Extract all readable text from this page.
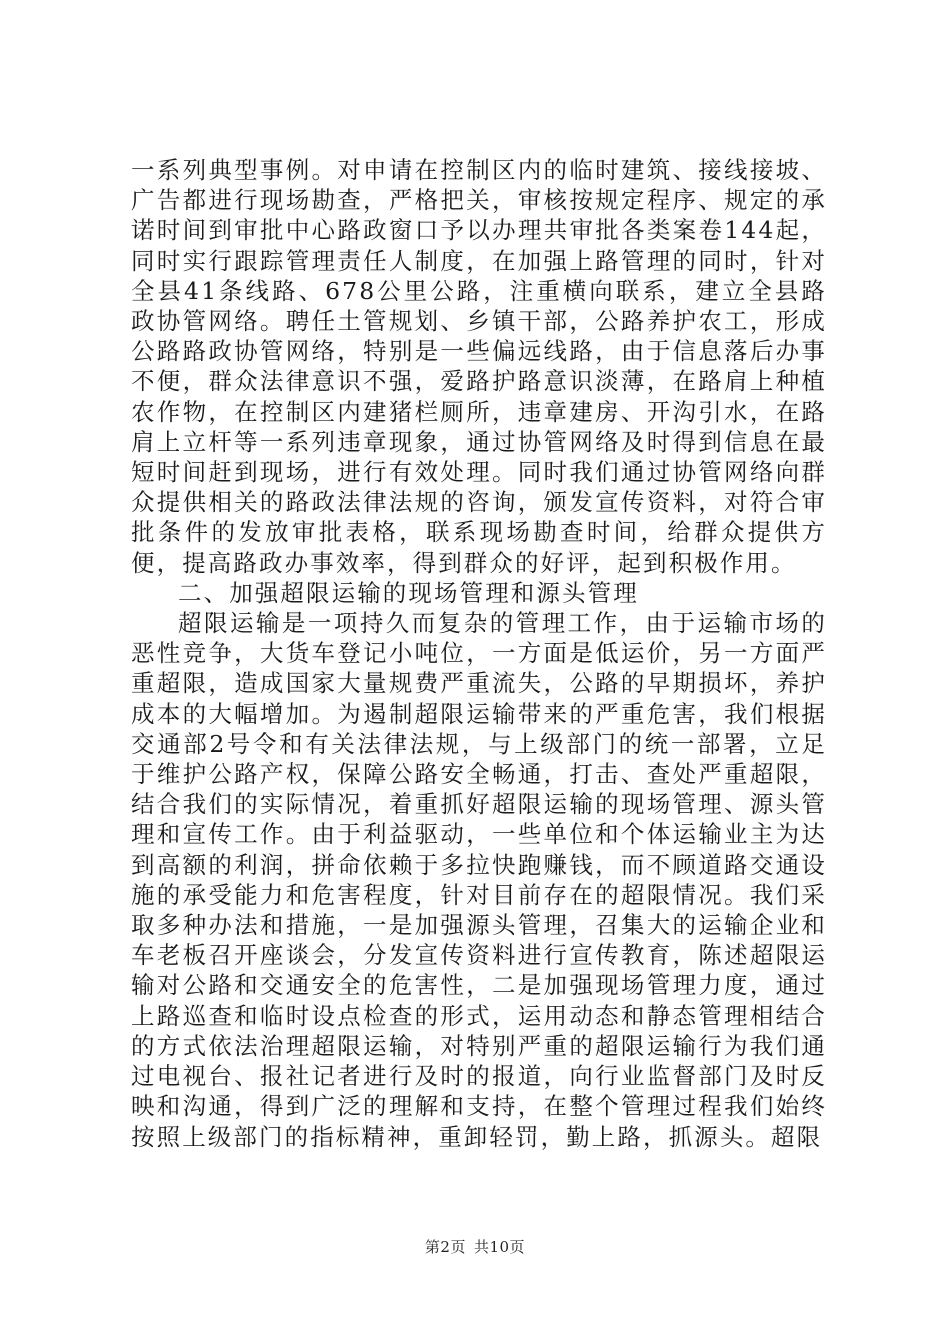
一系列典型事例。对申请在控制区内的临时建筑、接线接坡、广告都进行现场勘查，严格把关，审核按规定程序、规定的承诺时间到审批中心路政窗口予以办理共审批各类案卷144起，同时实行跟踪管理责任人制度，在加强上路管理的同时，针对全县41条线路、678公里公路，注重横向联系，建立全县路政协管网络。聘任土管规划、乡镇干部，公路养护农工，形成公路路政协管网络，特别是一些偏远线路，由于信息落后办事不便，群众法律意识不强，爱路护路意识淡薄，在路肩上种植农作物，在控制区内建猪栏厕所，违章建房、开沟引水，在路肩上立杆等一系列违章现象，通过协管网络及时得到信息在最短时间赶到现场，进行有效处理。同时我们通过协管网络向群众提供相关的路政法律法规的咨询，颁发宣传资料，对符合审批条件的发放审批表格，联系现场勘查时间，给群众提供方便，提高路政办事效率，得到群众的好评，起到积极作用。

二、加强超限运输的现场管理和源头管理

超限运输是一项持久而复杂的管理工作，由于运输市场的恶性竞争，大货车登记小吨位，一方面是低运价，另一方面严重超限，造成国家大量规费严重流失，公路的早期损坏，养护成本的大幅增加。为遏制超限运输带来的严重危害，我们根据交通部2号令和有关法律法规，与上级部门的统一部署，立足于维护公路产权，保障公路安全畅通，打击、查处严重超限，结合我们的实际情况，着重抓好超限运输的现场管理、源头管理和宣传工作。由于利益驱动，一些单位和个体运输业主为达到高额的利润，拼命依赖于多拉快跑赚钱，而不顾道路交通设施的承受能力和危害程度，针对目前存在的超限情况。我们采取多种办法和措施，一是加强源头管理，召集大的运输企业和车老板召开座谈会，分发宣传资料进行宣传教育，陈述超限运输对公路和交通安全的危害性，二是加强现场管理力度，通过上路巡查和临时设点检查的形式，运用动态和静态管理相结合的方式依法治理超限运输，对特别严重的超限运输行为我们通过电视台、报社记者进行及时的报道，向行业监督部门及时反映和沟通，得到广泛的理解和支持，在整个管理过程我们始终按照上级部门的指标精神，重卸轻罚，勤上路，抓源头。超限

第2页 共10页
